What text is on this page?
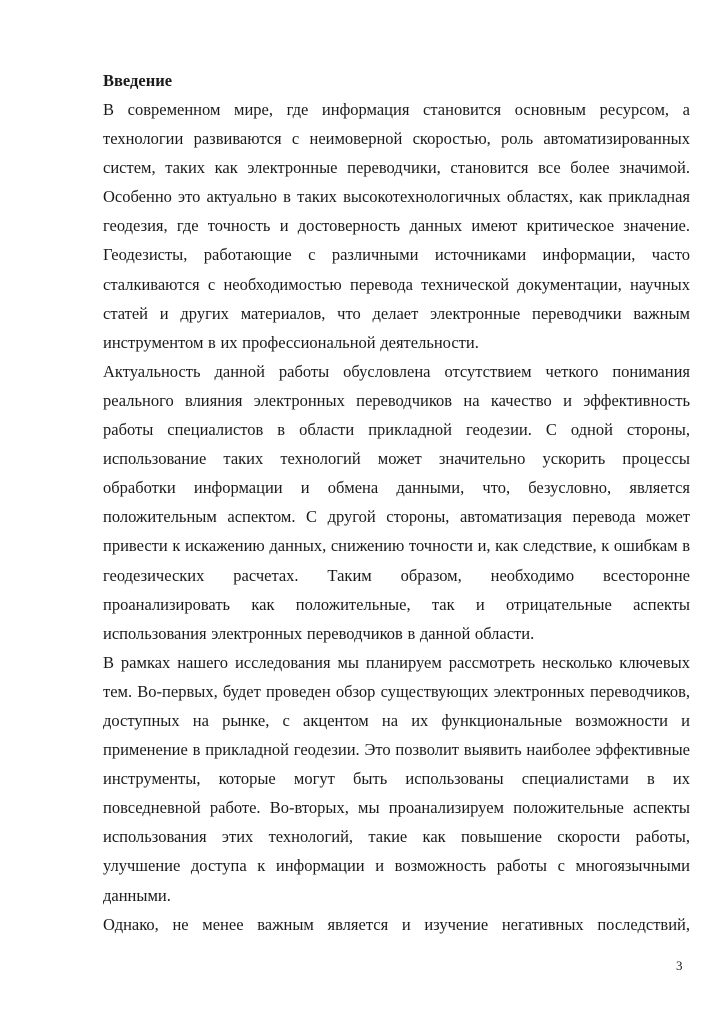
Введение

В современном мире, где информация становится основным ресурсом, а технологии развиваются с неимоверной скоростью, роль автоматизированных систем, таких как электронные переводчики, становится все более значимой. Особенно это актуально в таких высокотехнологичных областях, как прикладная геодезия, где точность и достоверность данных имеют критическое значение. Геодезисты, работающие с различными источниками информации, часто сталкиваются с необходимостью перевода технической документации, научных статей и других материалов, что делает электронные переводчики важным инструментом в их профессиональной деятельности.

Актуальность данной работы обусловлена отсутствием четкого понимания реального влияния электронных переводчиков на качество и эффективность работы специалистов в области прикладной геодезии. С одной стороны, использование таких технологий может значительно ускорить процессы обработки информации и обмена данными, что, безусловно, является положительным аспектом. С другой стороны, автоматизация перевода может привести к искажению данных, снижению точности и, как следствие, к ошибкам в геодезических расчетах. Таким образом, необходимо всесторонне проанализировать как положительные, так и отрицательные аспекты использования электронных переводчиков в данной области.

В рамках нашего исследования мы планируем рассмотреть несколько ключевых тем. Во-первых, будет проведен обзор существующих электронных переводчиков, доступных на рынке, с акцентом на их функциональные возможности и применение в прикладной геодезии. Это позволит выявить наиболее эффективные инструменты, которые могут быть использованы специалистами в их повседневной работе. Во-вторых, мы проанализируем положительные аспекты использования этих технологий, такие как повышение скорости работы, улучшение доступа к информации и возможность работы с многоязычными данными.

Однако, не менее важным является и изучение негативных последствий,

3
